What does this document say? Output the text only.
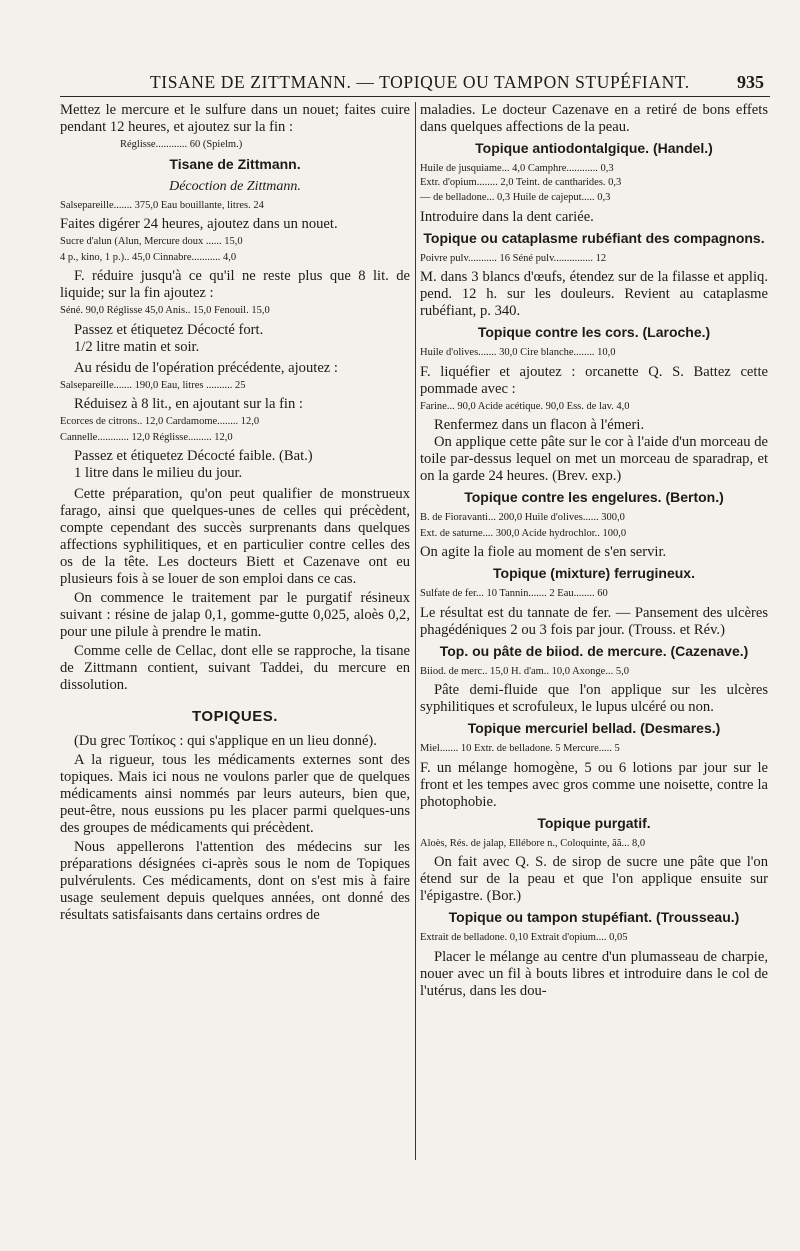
TISANE DE ZITTMANN. — TOPIQUE OU TAMPON STUPÉFIANT.	935

Mettez le mercure et le sulfure dans un nouet; faites cuire pendant 12 heures, et ajoutez sur la fin :

Réglisse............ 60 (Spielm.)
Tisane de Zittmann.
Décoction de Zittmann.
Salsepareille....... 375,0 Eau bouillante, litres. 24

Faites digérer 24 heures, ajoutez dans un nouet.

Sucre d'alun (Alun, Mercure doux ...... 15,0
4 p., kino, 1 p.).. 45,0 Cinnabre........... 4,0

F. réduire jusqu'à ce qu'il ne reste plus que 8 lit. de liquide; sur la fin ajoutez :

Séné. 90,0 Réglisse 45,0 Anis.. 15,0 Fenouil. 15,0

Passez et étiquetez Décocté fort.

1/2 litre matin et soir.

Au résidu de l'opération précédente, ajoutez :

Salsepareille....... 190,0 Eau, litres .......... 25

Réduisez à 8 lit., en ajoutant sur la fin :

Ecorces de citrons.. 12,0 Cardamome........ 12,0
Cannelle............ 12,0 Réglisse......... 12,0

Passez et étiquetez Décocté faible. (Bat.)

1 litre dans le milieu du jour.

Cette préparation, qu'on peut qualifier de monstrueux farago, ainsi que quelques-unes de celles qui précèdent, compte cependant des succès surprenants dans quelques affections syphilitiques, et en particulier contre celles des os de la tête. Les docteurs Biett et Cazenave ont eu plusieurs fois à se louer de son emploi dans ce cas.

On commence le traitement par le purgatif résineux suivant : résine de jalap 0,1, gomme-gutte 0,025, aloès 0,2, pour une pilule à prendre le matin.

Comme celle de Cellac, dont elle se rapproche, la tisane de Zittmann contient, suivant Taddei, du mercure en dissolution.

TOPIQUES.

(Du grec Τοπίκος : qui s'applique en un lieu donné).

A la rigueur, tous les médicaments externes sont des topiques. Mais ici nous ne voulons parler que de quelques médicaments ainsi nommés par leurs auteurs, bien que, peut-être, nous eussions pu les placer parmi quelques-uns des groupes de médicaments qui précèdent.

Nous appellerons l'attention des médecins sur les préparations désignées ci-après sous le nom de Topiques pulvérulents. Ces médicaments, dont on s'est mis à faire usage seulement depuis quelques années, ont donné des résultats satisfaisants dans certains ordres de

maladies. Le docteur Cazenave en a retiré de bons effets dans quelques affections de la peau.

Topique antiodontalgique. (Handel.)
Huile de jusquiame... 4,0 Camphre............ 0,3
Extr. d'opium........ 2,0 Teint. de cantharides. 0,3
— de belladone... 0,3 Huile de cajeput..... 0,3

Introduire dans la dent cariée.

Topique ou cataplasme rubéfiant des compagnons.
Poivre pulv........... 16 Séné pulv............... 12

M. dans 3 blancs d'œufs, étendez sur de la filasse et appliq. pend. 12 h. sur les douleurs. Revient au cataplasme rubéfiant, p. 340.

Topique contre les cors. (Laroche.)
Huile d'olives....... 30,0 Cire blanche........ 10,0

F. liquéfier et ajoutez : orcanette Q. S. Battez cette pommade avec :

Farine... 90,0 Acide acétique. 90,0 Ess. de lav. 4,0

Renfermez dans un flacon à l'émeri.

On applique cette pâte sur le cor à l'aide d'un morceau de toile par-dessus lequel on met un morceau de sparadrap, et on la garde 24 heures. (Brev. exp.)

Topique contre les engelures. (Berton.)
B. de Fioravanti... 200,0 Huile d'olives...... 300,0
Ext. de saturne.... 300,0 Acide hydrochlor.. 100,0

On agite la fiole au moment de s'en servir.

Topique (mixture) ferrugineux.
Sulfate de fer... 10 Tannin....... 2 Eau........ 60

Le résultat est du tannate de fer. — Pansement des ulcères phagédéniques 2 ou 3 fois par jour. (Trouss. et Rév.)

Top. ou pâte de biiod. de mercure. (Cazenave.)
Biiod. de merc.. 15,0 H. d'am.. 10,0 Axonge... 5,0

Pâte demi-fluide que l'on applique sur les ulcères syphilitiques et scrofuleux, le lupus ulcéré ou non.

Topique mercuriel bellad. (Desmares.)
Miel....... 10 Extr. de belladone. 5 Mercure..... 5

F. un mélange homogène, 5 ou 6 lotions par jour sur le front et les tempes avec gros comme une noisette, contre la photophobie.

Topique purgatif.
Aloès, Rés. de jalap, Ellébore n., Coloquinte, ãã... 8,0

On fait avec Q. S. de sirop de sucre une pâte que l'on étend sur de la peau et que l'on applique ensuite sur l'épigastre. (Bor.)

Topique ou tampon stupéfiant. (Trousseau.)
Extrait de belladone. 0,10 Extrait d'opium.... 0,05

Placer le mélange au centre d'un plumasseau de charpie, nouer avec un fil à bouts libres et introduire dans le col de l'utérus, dans les dou-
